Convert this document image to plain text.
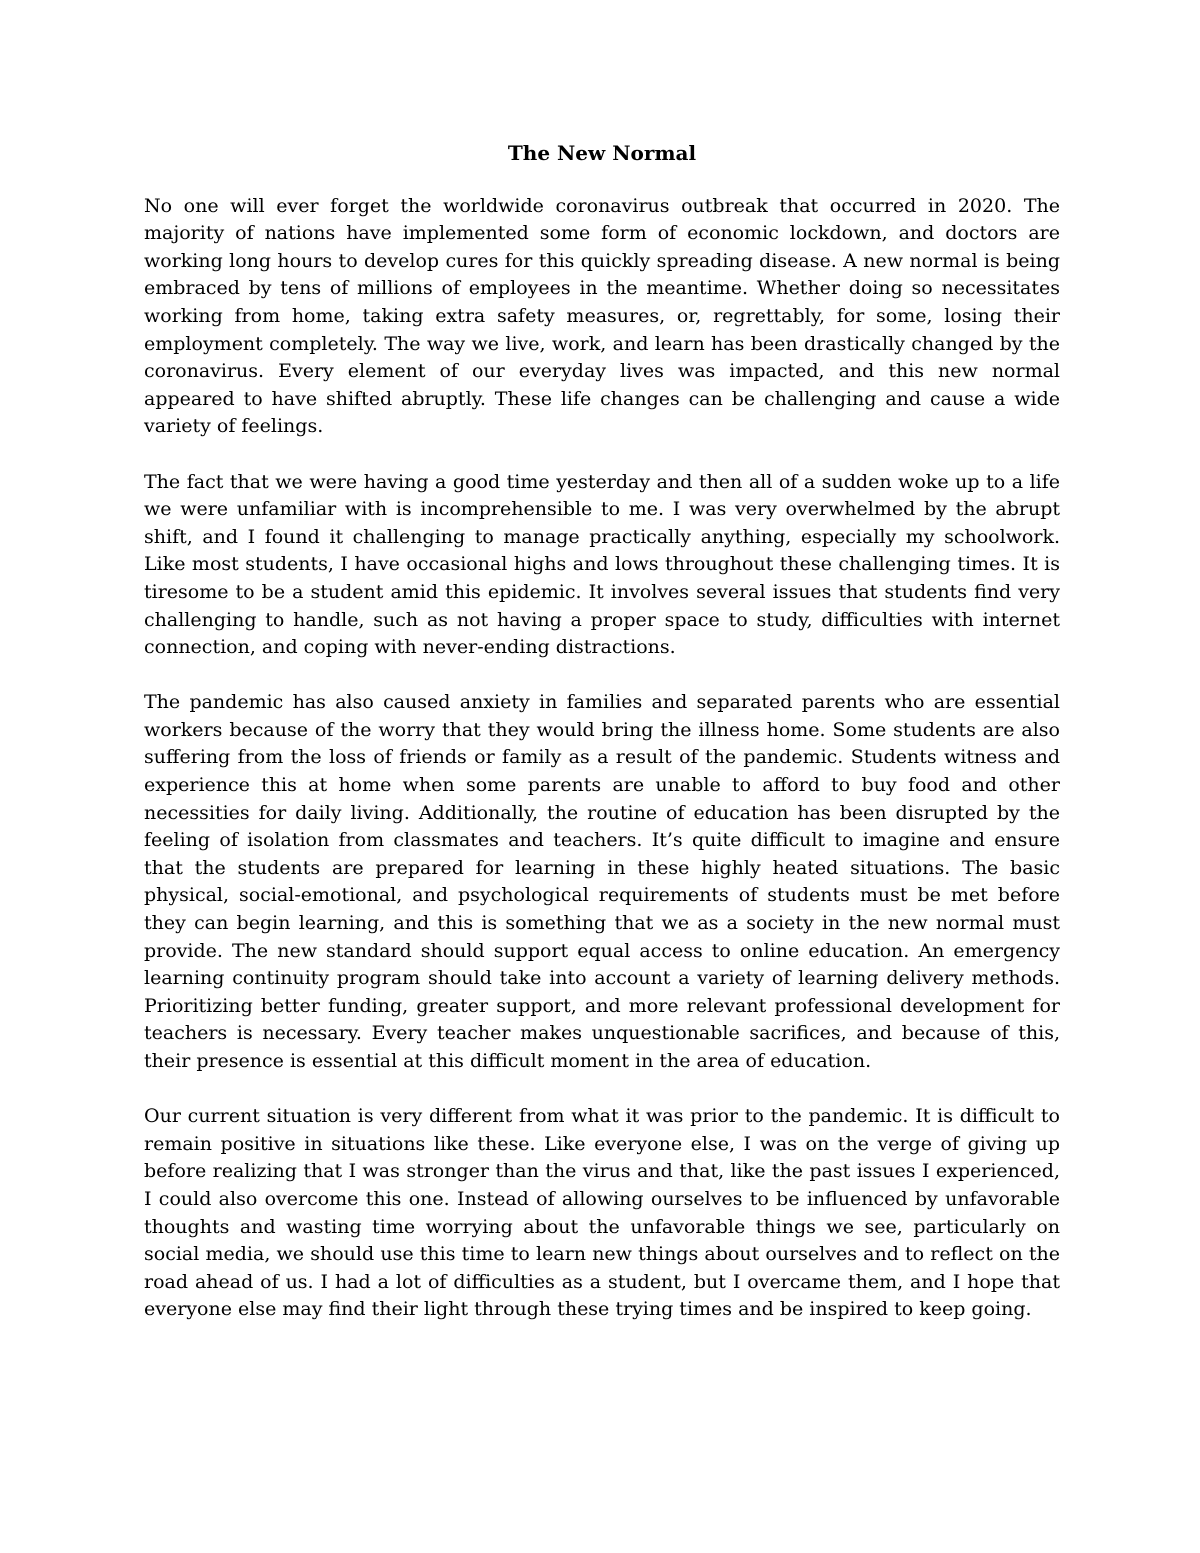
The New Normal

No one will ever forget the worldwide coronavirus outbreak that occurred in 2020. The majority of nations have implemented some form of economic lockdown, and doctors are working long hours to develop cures for this quickly spreading disease. A new normal is being embraced by tens of millions of employees in the meantime. Whether doing so necessitates working from home, taking extra safety measures, or, regrettably, for some, losing their employment completely. The way we live, work, and learn has been drastically changed by the coronavirus. Every element of our everyday lives was impacted, and this new normal appeared to have shifted abruptly. These life changes can be challenging and cause a wide variety of feelings.

The fact that we were having a good time yesterday and then all of a sudden woke up to a life we were unfamiliar with is incomprehensible to me. I was very overwhelmed by the abrupt shift, and I found it challenging to manage practically anything, especially my schoolwork. Like most students, I have occasional highs and lows throughout these challenging times. It is tiresome to be a student amid this epidemic. It involves several issues that students find very challenging to handle, such as not having a proper space to study, difficulties with internet connection, and coping with never-ending distractions.

The pandemic has also caused anxiety in families and separated parents who are essential workers because of the worry that they would bring the illness home. Some students are also suffering from the loss of friends or family as a result of the pandemic. Students witness and experience this at home when some parents are unable to afford to buy food and other necessities for daily living. Additionally, the routine of education has been disrupted by the feeling of isolation from classmates and teachers. It’s quite difficult to imagine and ensure that the students are prepared for learning in these highly heated situations. The basic physical, social-emotional, and psychological requirements of students must be met before they can begin learning, and this is something that we as a society in the new normal must provide. The new standard should support equal access to online education. An emergency learning continuity program should take into account a variety of learning delivery methods. Prioritizing better funding, greater support, and more relevant professional development for teachers is necessary. Every teacher makes unquestionable sacrifices, and because of this, their presence is essential at this difficult moment in the area of education.

Our current situation is very different from what it was prior to the pandemic. It is difficult to remain positive in situations like these. Like everyone else, I was on the verge of giving up before realizing that I was stronger than the virus and that, like the past issues I experienced, I could also overcome this one. Instead of allowing ourselves to be influenced by unfavorable thoughts and wasting time worrying about the unfavorable things we see, particularly on social media, we should use this time to learn new things about ourselves and to reflect on the road ahead of us. I had a lot of difficulties as a student, but I overcame them, and I hope that everyone else may find their light through these trying times and be inspired to keep going.
